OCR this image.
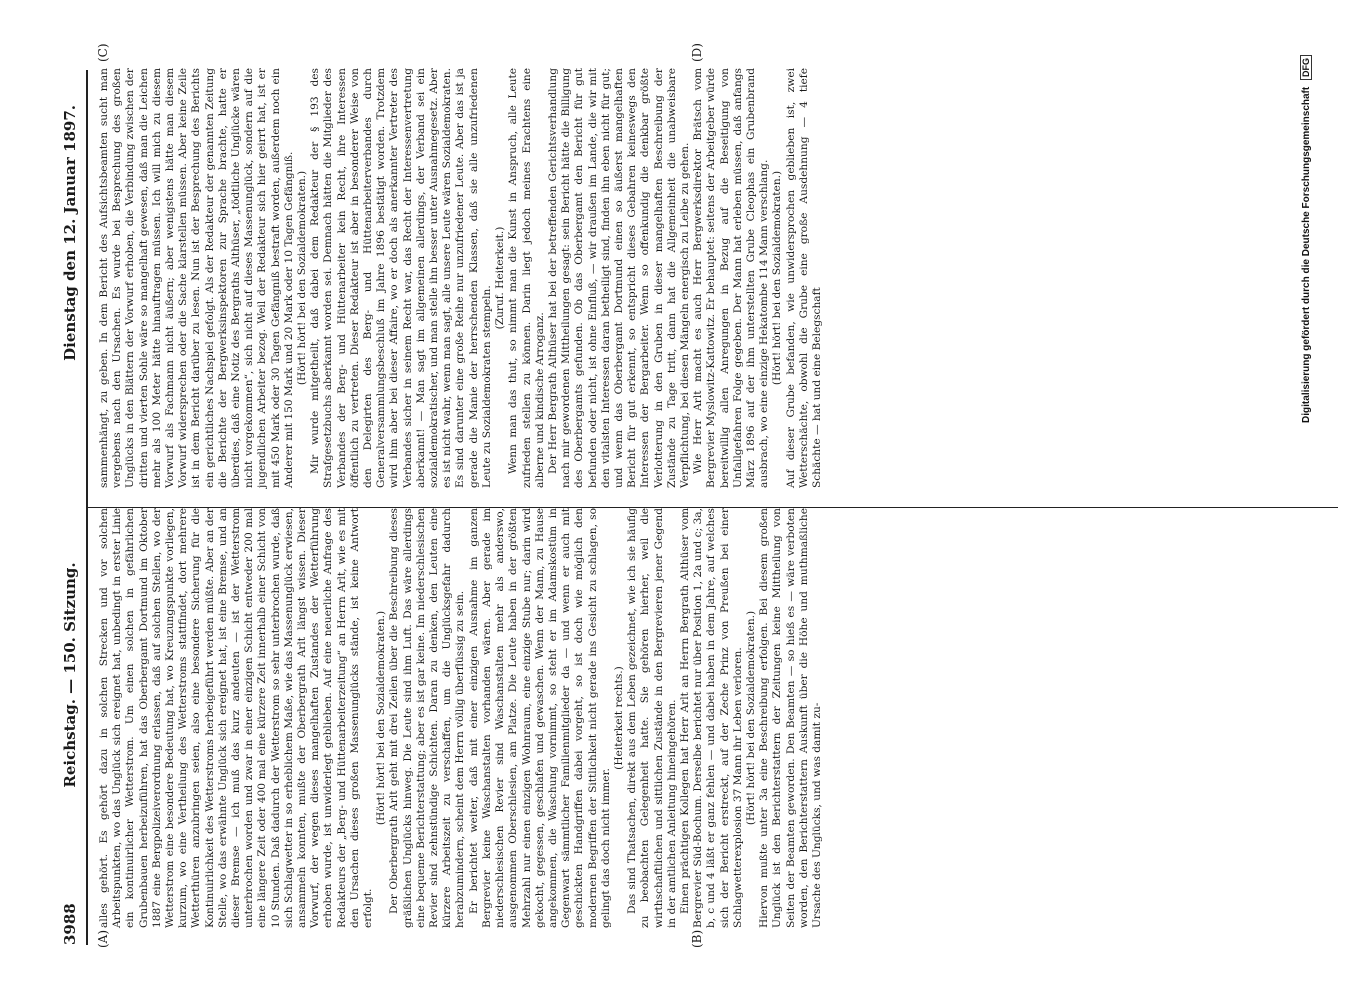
3988
Reichstag. — 150. Sitzung.
Dienstag den 12. Januar 1897.
(A)	(B)
(C)	(D)

alles gehört. Es gehört dazu in solchen Strecken und vor solchen Arbeitspunkten, wo das Unglück sich ereignet hat, unbedingt in erster Linie ein kontinuirlicher Wetterstrom. Um einen solchen in gefährlichen Grubenbauen herbeizuführen, hat das Oberbergamt Dortmund im Oktober 1887 eine Bergpolizeiverordnung erlassen, daß auf solchen Stellen, wo der Wetterstrom eine besondere Bedeutung hat, wo Kreuzungspunkte vorliegen, kurzum, wo eine Vertheilung des Wetterstroms stattfindet, dort mehrere Wetterthüren anzubringen seien, also eine besondere Sicherung für die Kontinuirlichkeit des Wetterstroms herbeigeführt werden müßte. Aber an der Stelle, wo das erwähnte Unglück sich ereignet hat, ist eine Bremse, und an dieser Bremse — ich muß das kurz andeuten — ist der Wetterstrom unterbrochen worden und zwar in einer einzigen Schicht entweder 200 mal eine längere Zeit oder 400 mal eine kürzere Zeit innerhalb einer Schicht von 10 Stunden. Daß dadurch der Wetterstrom so sehr unterbrochen wurde, daß sich Schlagwetter in so erheblichem Maße, wie das Massenunglück erwiesen, ansammeln konnten, mußte der Oberbergrath Arlt längst wissen. Dieser Vorwurf, der wegen dieses mangelhaften Zustandes der Wetterführung erhoben wurde, ist unwiderlegt geblieben. Auf eine neuerliche Anfrage des Redakteurs der „Berg- und Hüttenarbeiterzeitung“ an Herrn Arlt, wie es mit den Ursachen dieses großen Massenunglücks stände, ist keine Antwort erfolgt.

(Hört! hört! bei den Sozialdemokraten.) Der Oberbergrath Arlt geht mit drei Zeilen über die Beschreibung dieses gräßlichen Unglücks hinweg. Die Leute sind ihm Luft. Das wäre allerdings eine bequeme Berichterstattung; aber es ist gar keine. Im niederschlesischen Revier sind zehnstündige Schichten. Daran zu denken, den Leuten eine kürzere Arbeitszeit zu verschaffen, um die Unglücksgefahr dadurch herabzumindern, scheint dem Herrn völlig überflüssig zu sein. Er berichtet weiter, daß mit einer einzigen Ausnahme im ganzen Bergrevier keine Waschanstalten vorhanden wären. Aber gerade im niederschlesischen Revier sind Waschanstalten mehr als anderswo, ausgenommen Oberschlesien, am Platze. Die Leute haben in der größten Mehrzahl nur einen einzigen Wohnraum, eine einzige Stube nur; darin wird gekocht, gegessen, geschlafen und gewaschen. Wenn der Mann, zu Hause angekommen, die Waschung vornimmt, so steht er im Adamskostüm in Gegenwart sämmtlicher Familienmitglieder da — und wenn er auch mit geschickten Handgriffen dabei vorgeht, so ist doch wie möglich den modernen Begriffen der Sittlichkeit nicht gerade ins Gesicht zu schlagen, so gelingt das doch nicht immer.

(Heiterkeit rechts.) Das sind Thatsachen, direkt aus dem Leben gezeichnet, wie ich sie häufig zu beobachten Gelegenheit hatte. Sie gehören hierher, weil die wirthschaftlichen und sittlichen Zustände in den Bergrevieren jener Gegend in der amtlichen Anleitung hineingehören. Einen prächtigen Kollegen hat Herr Arlt an Herrn Bergrath Althüser vom Bergrevier Süd-Bochum. Derselbe berichtet nur über Position 1, 2a und c; 3a, b, c und 4 läßt er ganz fehlen — und dabei haben in dem Jahre, auf welches sich der Bericht erstreckt, auf der Zeche Prinz von Preußen bei einer Schlagwetterexplosion 37 Mann ihr Leben verloren. (Hört! hört! bei den Sozialdemokraten.) Hiervon mußte unter 3a eine Beschreibung erfolgen. Bei diesem großen Unglück ist den Berichterstattern der Zeitungen keine Mittheilung von Seiten der Beamten geworden. Den Beamten — so hieß es — wäre verboten worden, den Berichterstattern Auskunft über die Höhe und muthmaßliche Ursache des Unglücks, und was damit zu-

sammenhängt, zu geben. In dem Bericht des Aufsichtsbeamten sucht man vergebens nach den Ursachen. Es wurde bei Besprechung des großen Unglücks in den Blättern der Vorwurf erhoben, die Verbindung zwischen der dritten und vierten Sohle wäre so mangelhaft gewesen, daß man die Leichen mehr als 100 Meter hätte hinauftragen müssen. Ich will mich zu diesem Vorwurf als Fachmann nicht äußern; aber wenigstens hätte man diesem Vorwurf widersprechen oder die Sache klarstellen müssen. Aber keine Zeile ist in dem Bericht darüber zu lesen. Nun ist der Besprechung des Berichts ein gerichtliches Nachspiel gefolgt. Als der Redakteur der genannten Zeitung die Berichte der Bergwerksinspektoren zur Sprache brachte, hatte er überdies, daß eine Notiz des Bergraths Althüser, „tödtliche Unglücke wären nicht vorgekommen“, sich nicht auf dieses Massenunglück, sondern auf die jugendlichen Arbeiter bezog. Weil der Redakteur sich hier geirrt hat, ist er mit 450 Mark oder 30 Tagen Gefängniß bestraft worden, außerdem noch ein Anderer mit 150 Mark und 20 Mark oder 10 Tagen Gefängniß. (Hört! hört! bei den Sozialdemokraten.) Mir wurde mitgetheilt, daß dabei dem Redakteur der § 193 des Strafgesetzbuchs aberkannt worden sei. Demnach hätten die Mitglieder des Verbandes der Berg- und Hüttenarbeiter kein Recht, ihre Interessen öffentlich zu vertreten. Dieser Redakteur ist aber in besonderer Weise von den Delegirten des Berg- und Hüttenarbeiterverbandes durch Generalversammlungsbeschluß im Jahre 1896 bestätigt worden. Trotzdem wird ihm aber bei dieser Affaire, wo er doch als anerkannter Vertreter des Verbandes sicher in seinem Recht war, das Recht der Interessenvertretung aberkannt! — Man sagt im allgemeinen allerdings, der Verband sei ein sozialdemokratischer, und man stelle ihn besser unter Ausnahmegesetz. Aber es ist nicht wahr, wenn man sagt, alle unsere Leute wären Sozialdemokraten. Es sind darunter eine große Reihe nur unzufriedener Leute. Aber das ist ja gerade die Manie der herrschenden Klassen, daß sie alle unzufriedenen Leute zu Sozialdemokraten stempeln.

(Zuruf. Heiterkeit.) Wenn man das thut, so nimmt man die Kunst in Anspruch, alle Leute zufrieden stellen zu können. Darin liegt jedoch meines Erachtens eine alberne und kindische Arroganz. Der Herr Bergrath Althüser hat bei der betreffenden Gerichtsverhandlung nach mir gewordenen Mittheilungen gesagt: sein Bericht hätte die Billigung des Oberbergamts gefunden. Ob das Oberbergamt den Bericht für gut befunden oder nicht, ist ohne Einfluß, — wir draußen im Lande, die wir mit den vitalsten Interessen daran betheiligt sind, finden ihn eben nicht für gut; und wenn das Oberbergamt Dortmund einen so äußerst mangelhaften Bericht für gut erkennt, so entspricht dieses Gebahren keineswegs den Interessen der Bergarbeiter. Wenn so offenkundig die denkbar größte Verlotterung in den Gruben in dieser mangelhaften Beschreibung der Zustände zu Tage tritt, dann hat die Allgemeinheit die unabweisbare Verpflichtung, bei diesen Mängeln energisch zu Leibe zu gehen. Wie Herr Arlt macht es auch Herr Bergwerksdirektor Brätsch vom Bergrevier Myslowitz-Kattowitz. Er behauptet: seitens der Arbeitgeber würde bereitwillig allen Anregungen in Bezug auf die Beseitigung von Unfallgefahren Folge gegeben. Der Mann hat erleben müssen, daß anfangs März 1896 auf der ihm unterstellten Grube Cleophas ein Grubenbrand ausbrach, wo eine einzige Hekatombe 114 Mann verschlang. (Hört! hört! bei den Sozialdemokraten.) Auf dieser Grube befanden, wie unwidersprochen geblieben ist, zwei Wetterschächte, obwohl die Grube eine große Ausdehnung — 4 tiefe Schächte — hat und eine Belegschaft	Digitalisierung gefördert durch die Deutsche Forschungsgemeinschaft DFG
